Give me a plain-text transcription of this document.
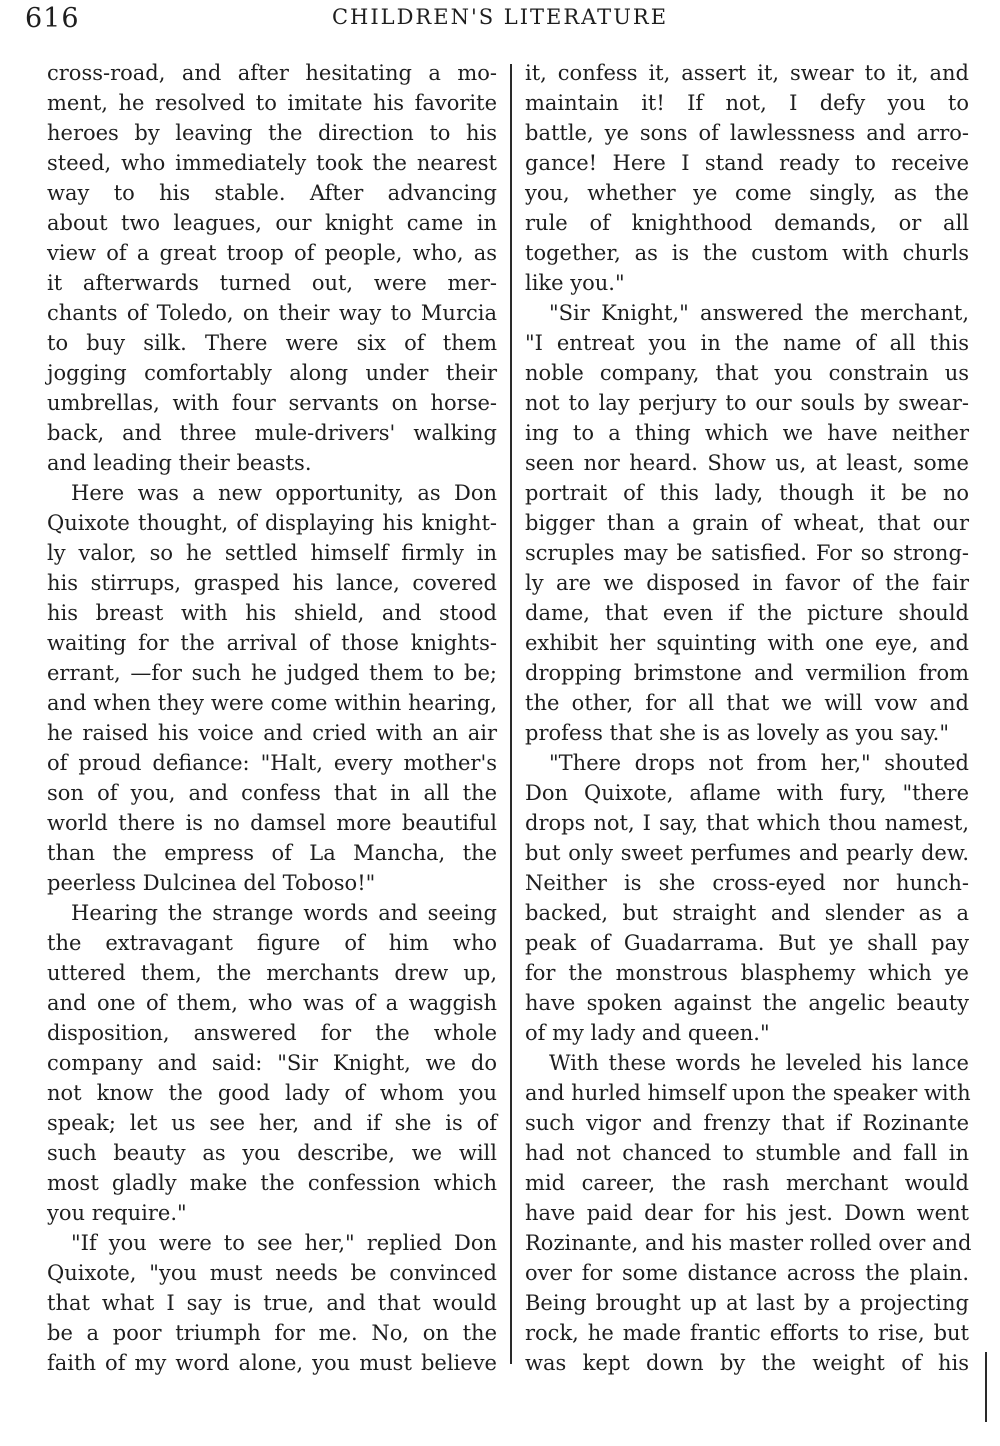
616	CHILDREN'S LITERATURE
cross-road, and after hesitating a mo-
ment, he resolved to imitate his favorite
heroes by leaving the direction to his
steed, who immediately took the nearest
way to his stable. After advancing
about two leagues, our knight came in
view of a great troop of people, who, as
it afterwards turned out, were mer-
chants of Toledo, on their way to Murcia
to buy silk. There were six of them
jogging comfortably along under their
umbrellas, with four servants on horse-
back, and three mule-drivers' walking
and leading their beasts.
Here was a new opportunity, as Don
Quixote thought, of displaying his knight-
ly valor, so he settled himself firmly in
his stirrups, grasped his lance, covered
his breast with his shield, and stood
waiting for the arrival of those knights-
errant, —for such he judged them to be;
and when they were come within hearing,
he raised his voice and cried with an air
of proud defiance: "Halt, every mother's
son of you, and confess that in all the
world there is no damsel more beautiful
than the empress of La Mancha, the
peerless Dulcinea del Toboso!"
Hearing the strange words and seeing
the extravagant figure of him who
uttered them, the merchants drew up,
and one of them, who was of a waggish
disposition, answered for the whole
company and said: "Sir Knight, we do
not know the good lady of whom you
speak; let us see her, and if she is of
such beauty as you describe, we will
most gladly make the confession which
you require."
"If you were to see her," replied Don
Quixote, "you must needs be convinced
that what I say is true, and that would
be a poor triumph for me. No, on the
faith of my word alone, you must believe
it, confess it, assert it, swear to it, and
maintain it! If not, I defy you to
battle, ye sons of lawlessness and arro-
gance! Here I stand ready to receive
you, whether ye come singly, as the
rule of knighthood demands, or all
together, as is the custom with churls
like you."
"Sir Knight," answered the merchant,
"I entreat you in the name of all this
noble company, that you constrain us
not to lay perjury to our souls by swear-
ing to a thing which we have neither
seen nor heard. Show us, at least, some
portrait of this lady, though it be no
bigger than a grain of wheat, that our
scruples may be satisfied. For so strong-
ly are we disposed in favor of the fair
dame, that even if the picture should
exhibit her squinting with one eye, and
dropping brimstone and vermilion from
the other, for all that we will vow and
profess that she is as lovely as you say."
"There drops not from her," shouted
Don Quixote, aflame with fury, "there
drops not, I say, that which thou namest,
but only sweet perfumes and pearly dew.
Neither is she cross-eyed nor hunch-
backed, but straight and slender as a
peak of Guadarrama. But ye shall pay
for the monstrous blasphemy which ye
have spoken against the angelic beauty
of my lady and queen."
With these words he leveled his lance
and hurled himself upon the speaker with
such vigor and frenzy that if Rozinante
had not chanced to stumble and fall in
mid career, the rash merchant would
have paid dear for his jest. Down went
Rozinante, and his master rolled over and
over for some distance across the plain.
Being brought up at last by a projecting
rock, he made frantic efforts to rise, but
was kept down by the weight of his
